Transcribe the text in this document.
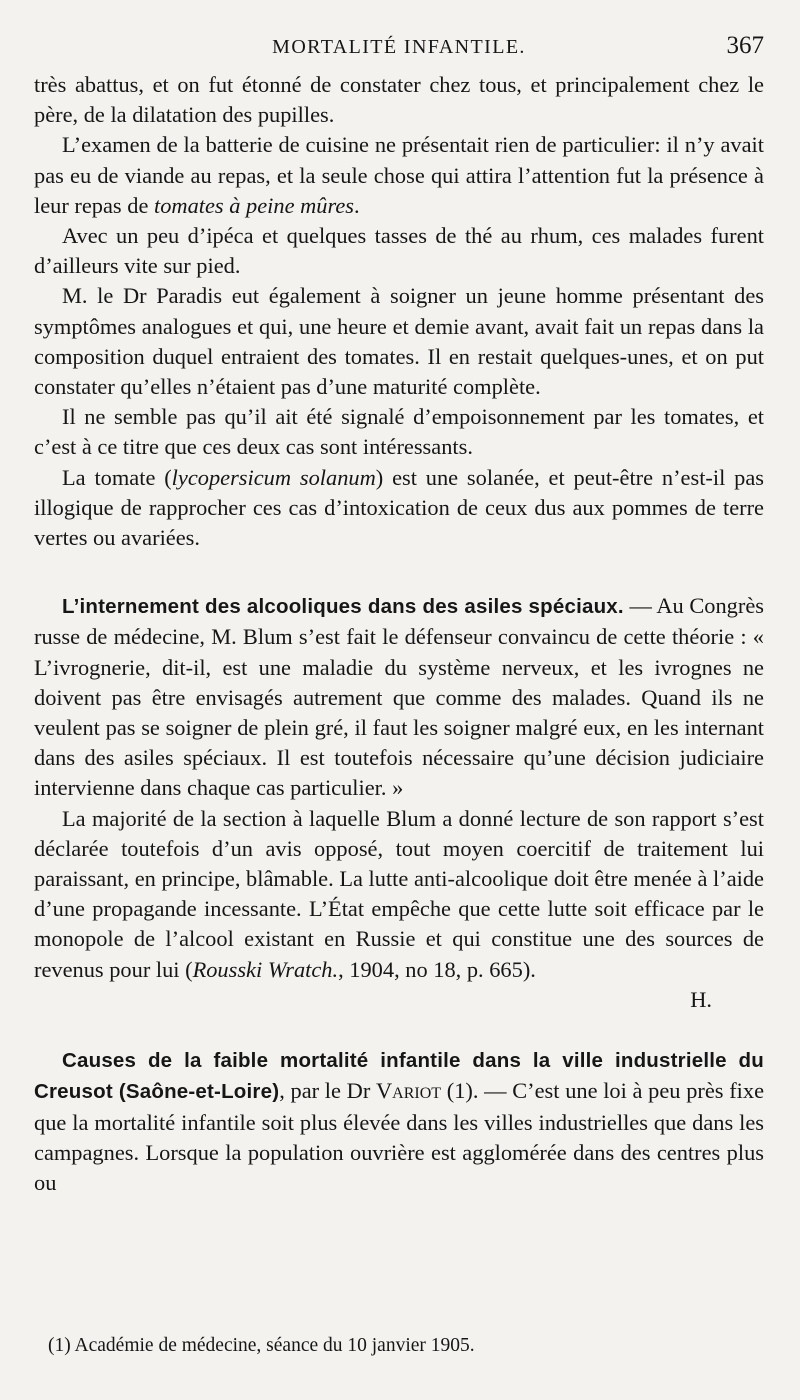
MORTALITÉ INFANTILE.	367

très abattus, et on fut étonné de constater chez tous, et principalement chez le père, de la dilatation des pupilles.

L’examen de la batterie de cuisine ne présentait rien de particulier: il n’y avait pas eu de viande au repas, et la seule chose qui attira l’attention fut la présence à leur repas de tomates à peine mûres.

Avec un peu d’ipéca et quelques tasses de thé au rhum, ces malades furent d’ailleurs vite sur pied.

M. le Dr Paradis eut également à soigner un jeune homme présentant des symptômes analogues et qui, une heure et demie avant, avait fait un repas dans la composition duquel entraient des tomates. Il en restait quelques-unes, et on put constater qu’elles n’étaient pas d’une maturité complète.

Il ne semble pas qu’il ait été signalé d’empoisonnement par les tomates, et c’est à ce titre que ces deux cas sont intéressants.

La tomate (lycopersicum solanum) est une solanée, et peut-être n’est-il pas illogique de rapprocher ces cas d’intoxication de ceux dus aux pommes de terre vertes ou avariées.

L’internement des alcooliques dans des asiles spéciaux. — Au Congrès russe de médecine, M. Blum s’est fait le défenseur convaincu de cette théorie : « L’ivrognerie, dit-il, est une maladie du système nerveux, et les ivrognes ne doivent pas être envisagés autrement que comme des malades. Quand ils ne veulent pas se soigner de plein gré, il faut les soigner malgré eux, en les internant dans des asiles spéciaux. Il est toutefois nécessaire qu’une décision judiciaire intervienne dans chaque cas particulier. »

La majorité de la section à laquelle Blum a donné lecture de son rapport s’est déclarée toutefois d’un avis opposé, tout moyen coercitif de traitement lui paraissant, en principe, blâmable. La lutte anti-alcoolique doit être menée à l’aide d’une propagande incessante. L’État empêche que cette lutte soit efficace par le monopole de l’alcool existant en Russie et qui constitue une des sources de revenus pour lui (Rousski Wratch., 1904, no 18, p. 665).

H.

Causes de la faible mortalité infantile dans la ville industrielle du Creusot (Saône-et-Loire), par le Dr Variot (1). — C’est une loi à peu près fixe que la mortalité infantile soit plus élevée dans les villes industrielles que dans les campagnes. Lorsque la population ouvrière est agglomérée dans des centres plus ou

(1) Académie de médecine, séance du 10 janvier 1905.
